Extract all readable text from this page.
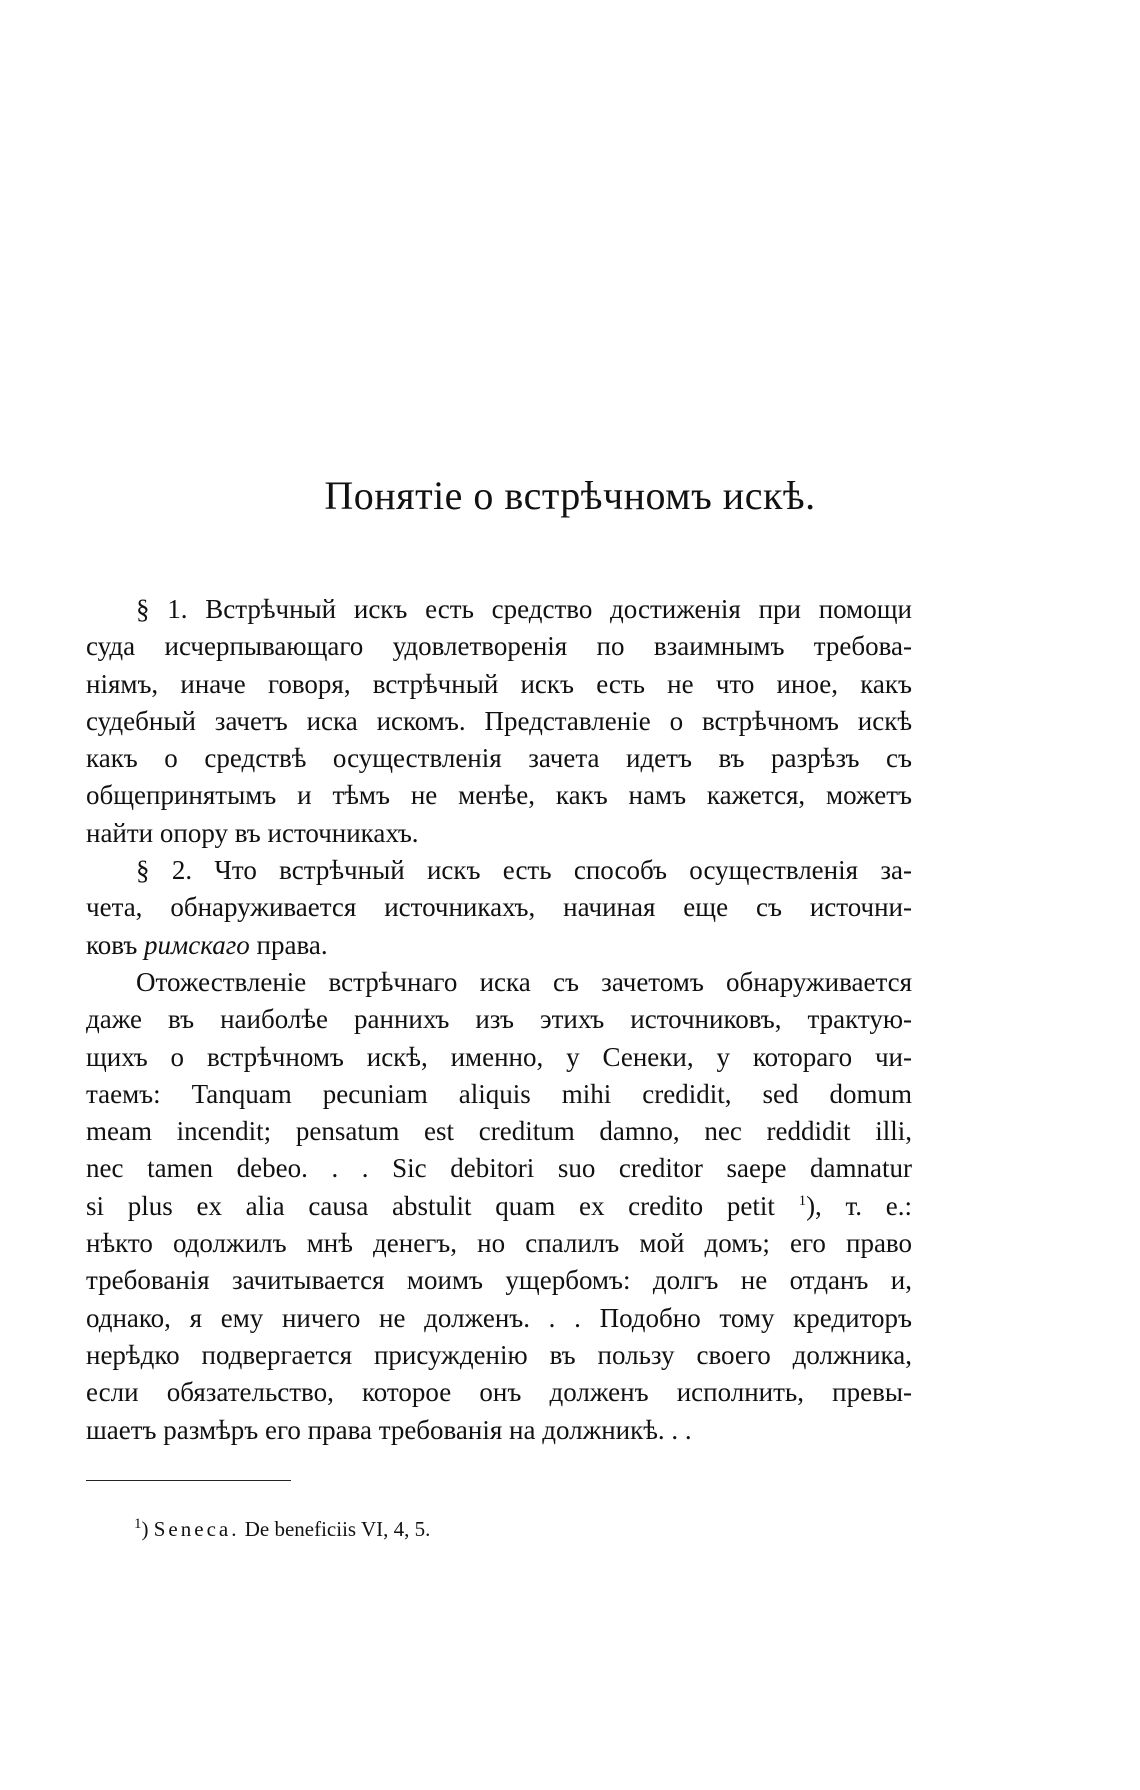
Понятіе о встрѣчномъ искѣ.
§ 1. Встрѣчный искъ есть средство достиженія при помощи
суда исчерпывающаго удовлетворенія по взаимнымъ требова-
ніямъ, иначе говоря, встрѣчный искъ есть не что иное, какъ
судебный зачетъ иска искомъ. Представленіе о встрѣчномъ искѣ
какъ о средствѣ осуществленія зачета идетъ въ разрѣзъ съ
общепринятымъ и тѣмъ не менѣе, какъ намъ кажется, можетъ
найти опору въ источникахъ.
§ 2. Что встрѣчный искъ есть способъ осуществленія за-
чета, обнаруживается источникахъ, начиная еще съ источни-
ковъ римскаго права.
Отожествленіе встрѣчнаго иска съ зачетомъ обнаруживается
даже въ наиболѣе раннихъ изъ этихъ источниковъ, трактую-
щихъ о встрѣчномъ искѣ, именно, у Сенеки, у котораго чи-
таемъ: Tanquam pecuniam aliquis mihi credidit, sed domum
meam incendit; pensatum est creditum damno, nec reddidit illi,
nec tamen debeo. . . Sic debitori suo creditor saepe damnatur
si plus ex alia causa abstulit quam ex credito petit $^1$), т. е.:
нѣкто одолжилъ мнѣ денегъ, но спалилъ мой домъ; его право
требованія зачитывается моимъ ущербомъ: долгъ не отданъ и,
однако, я ему ничего не долженъ. . . Подобно тому кредиторъ
нерѣдко подвергается присужденію въ пользу своего должника,
если обязательство, которое онъ долженъ исполнить, превы-
шаетъ размѣръ его права требованія на должникѣ. . .
$^1$) Seneca. De beneficiis VI, 4, 5.
